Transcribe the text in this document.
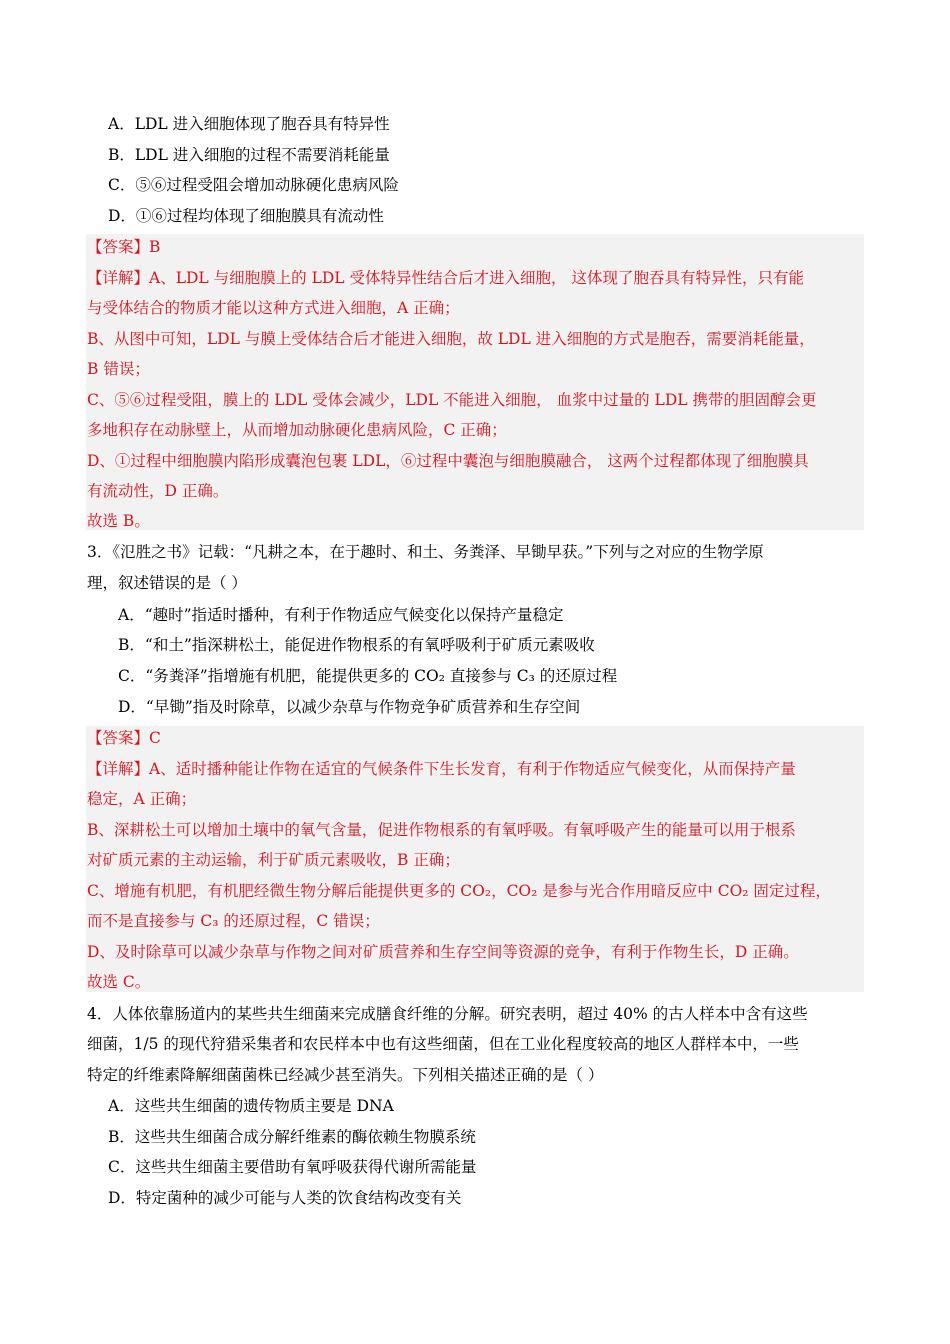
A．LDL 进入细胞体现了胞吞具有特异性
B．LDL 进入细胞的过程不需要消耗能量
C．⑤⑥过程受阻会增加动脉硬化患病风险
D．①⑥过程均体现了细胞膜具有流动性
【答案】B
【详解】A、LDL 与细胞膜上的 LDL 受体特异性结合后才进入细胞， 这体现了胞吞具有特异性，只有能
与受体结合的物质才能以这种方式进入细胞，A 正确；
B、从图中可知，LDL 与膜上受体结合后才能进入细胞，故 LDL 进入细胞的方式是胞吞，需要消耗能量，
B 错误；
C、⑤⑥过程受阻，膜上的 LDL 受体会减少，LDL 不能进入细胞， 血浆中过量的 LDL 携带的胆固醇会更
多地积存在动脉壁上，从而增加动脉硬化患病风险，C 正确；
D、①过程中细胞膜内陷形成囊泡包裹 LDL，⑥过程中囊泡与细胞膜融合， 这两个过程都体现了细胞膜具
有流动性，D 正确。
故选 B。
3．《氾胜之书》记载：“凡耕之本，在于趣时、和土、务粪泽、早锄早获。”下列与之对应的生物学原
理，叙述错误的是（ ）
A．“趣时”指适时播种，有利于作物适应气候变化以保持产量稳定
B．“和土”指深耕松土，能促进作物根系的有氧呼吸利于矿质元素吸收
C．“务粪泽”指增施有机肥，能提供更多的 CO₂ 直接参与 C₃ 的还原过程
D．“早锄”指及时除草，以减少杂草与作物竞争矿质营养和生存空间
【答案】C
【详解】A、适时播种能让作物在适宜的气候条件下生长发育，有利于作物适应气候变化，从而保持产量
稳定，A 正确；
B、深耕松土可以增加土壤中的氧气含量，促进作物根系的有氧呼吸。有氧呼吸产生的能量可以用于根系
对矿质元素的主动运输，利于矿质元素吸收，B 正确；
C、增施有机肥，有机肥经微生物分解后能提供更多的 CO₂，CO₂ 是参与光合作用暗反应中 CO₂ 固定过程，
而不是直接参与 C₃ 的还原过程，C 错误；
D、及时除草可以减少杂草与作物之间对矿质营养和生存空间等资源的竞争，有利于作物生长，D 正确。
故选 C。
4．人体依靠肠道内的某些共生细菌来完成膳食纤维的分解。研究表明，超过 40% 的古人样本中含有这些
细菌，1/5 的现代狩猎采集者和农民样本中也有这些细菌，但在工业化程度较高的地区人群样本中，一些
特定的纤维素降解细菌菌株已经减少甚至消失。下列相关描述正确的是（ ）
A．这些共生细菌的遗传物质主要是 DNA
B．这些共生细菌合成分解纤维素的酶依赖生物膜系统
C．这些共生细菌主要借助有氧呼吸获得代谢所需能量
D．特定菌种的减少可能与人类的饮食结构改变有关
